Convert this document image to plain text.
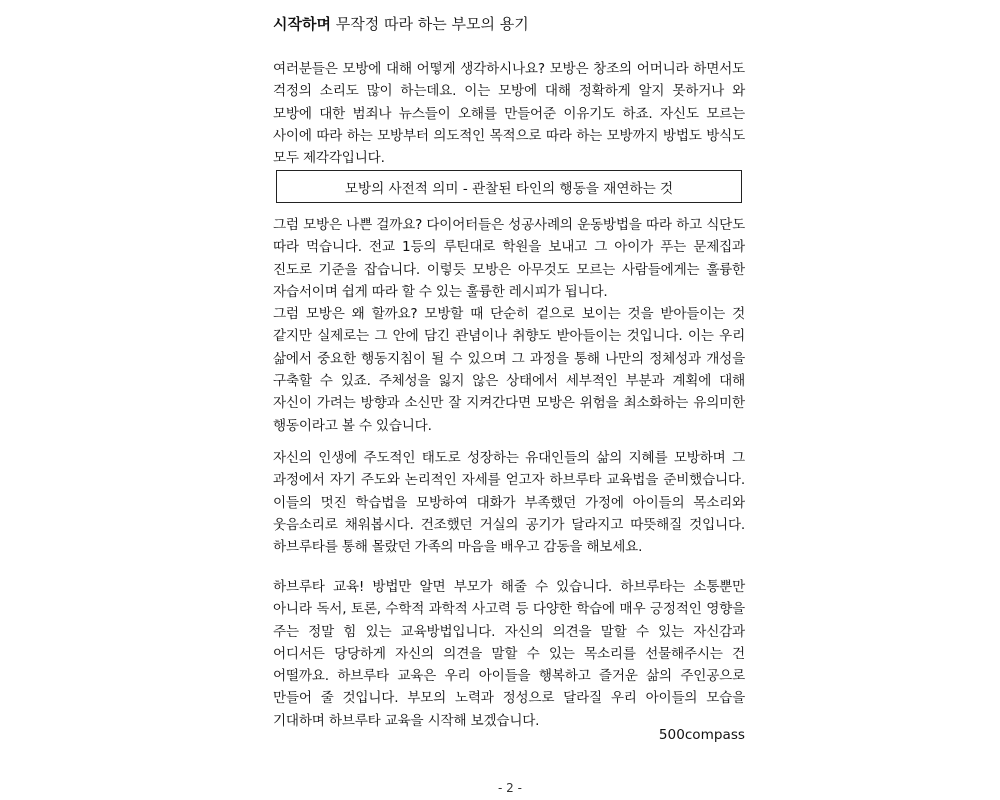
시작하며 무작정 따라 하는 부모의 용기

여러분들은 모방에 대해 어떻게 생각하시나요? 모방은 창조의 어머니라 하면서도 걱정의 소리도 많이 하는데요. 이는 모방에 대해 정확하게 알지 못하거나 와 모방에 대한 범죄나 뉴스들이 오해를 만들어준 이유기도 하죠. 자신도 모르는 사이에 따라 하는 모방부터 의도적인 목적으로 따라 하는 모방까지 방법도 방식도 모두 제각각입니다.

모방의 사전적 의미 - 관찰된 타인의 행동을 재연하는 것

그럼 모방은 나쁜 걸까요? 다이어터들은 성공사례의 운동방법을 따라 하고 식단도 따라 먹습니다. 전교 1등의 루틴대로 학원을 보내고 그 아이가 푸는 문제집과 진도로 기준을 잡습니다. 이렇듯 모방은 아무것도 모르는 사람들에게는 훌륭한 자습서이며 쉽게 따라 할 수 있는 훌륭한 레시피가 됩니다.
그럼 모방은 왜 할까요? 모방할 때 단순히 겉으로 보이는 것을 받아들이는 것 같지만 실제로는 그 안에 담긴 관념이나 취향도 받아들이는 것입니다. 이는 우리 삶에서 중요한 행동지침이 될 수 있으며 그 과정을 통해 나만의 정체성과 개성을 구축할 수 있죠. 주체성을 잃지 않은 상태에서 세부적인 부분과 계획에 대해 자신이 가려는 방향과 소신만 잘 지켜간다면 모방은 위험을 최소화하는 유의미한 행동이라고 볼 수 있습니다.

자신의 인생에 주도적인 태도로 성장하는 유대인들의 삶의 지혜를 모방하며 그 과정에서 자기 주도와 논리적인 자세를 얻고자 하브루타 교육법을 준비했습니다. 이들의 멋진 학습법을 모방하여 대화가 부족했던 가정에 아이들의 목소리와 웃음소리로 채워봅시다. 건조했던 거실의 공기가 달라지고 따뜻해질 것입니다. 하브루타를 통해 몰랐던 가족의 마음을 배우고 감동을 해보세요.

하브루타 교육! 방법만 알면 부모가 해줄 수 있습니다. 하브루타는 소통뿐만 아니라 독서, 토론, 수학적 과학적 사고력 등 다양한 학습에 매우 긍정적인 영향을 주는 정말 힘 있는 교육방법입니다. 자신의 의견을 말할 수 있는 자신감과 어디서든 당당하게 자신의 의견을 말할 수 있는 목소리를 선물해주시는 건 어떨까요. 하브루타 교육은 우리 아이들을 행복하고 즐거운 삶의 주인공으로 만들어 줄 것입니다. 부모의 노력과 정성으로 달라질 우리 아이들의 모습을 기대하며 하브루타 교육을 시작해 보겠습니다.

500compass
- 2 -
